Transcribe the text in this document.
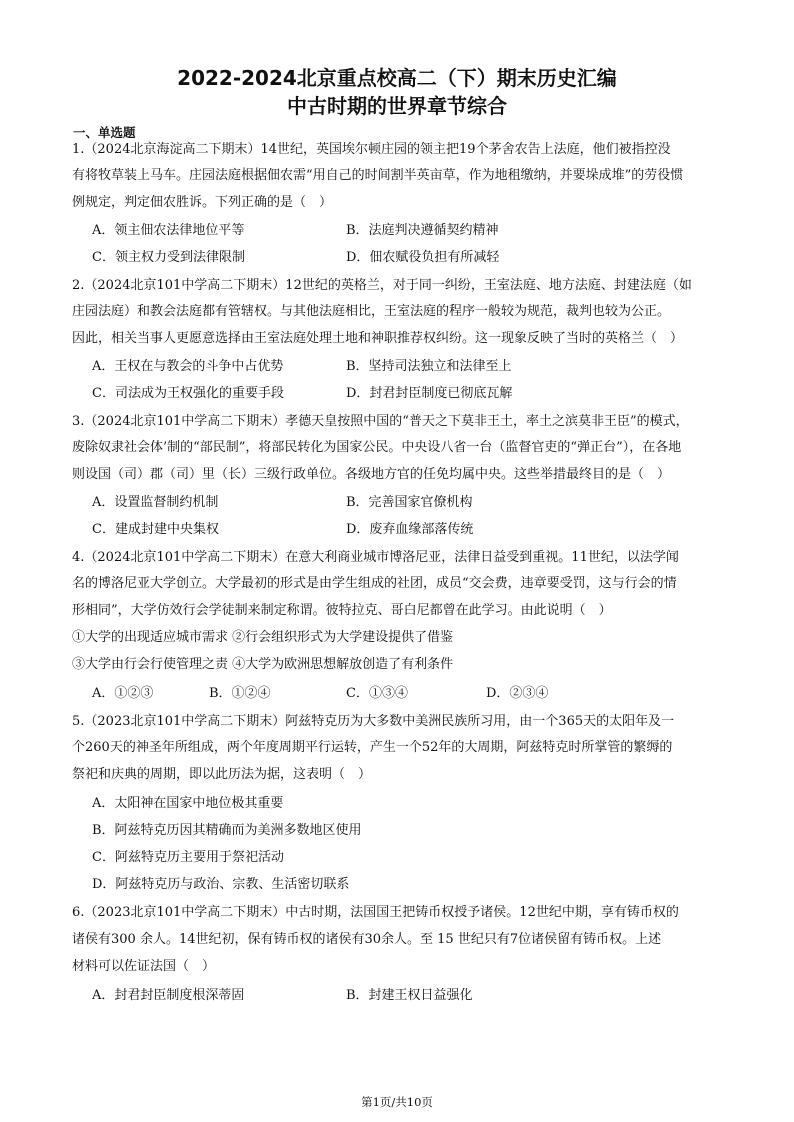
2022-2024北京重点校高二（下）期末历史汇编
中古时期的世界章节综合
一、单选题
1.（2024北京海淀高二下期末）14世纪，英国埃尔顿庄园的领主把19个茅舍农告上法庭，他们被指控没
有将牧草装上马车。庄园法庭根据佃农需“用自己的时间割半英亩草，作为地租缴纳，并要垛成堆”的劳役惯
例规定，判定佃农胜诉。下列正确的是（　）
A．领主佃农法律地位平等	B．法庭判决遵循契约精神
C．领主权力受到法律限制	D．佃农赋役负担有所减轻
2.（2024北京101中学高二下期末）12世纪的英格兰，对于同一纠纷，王室法庭、地方法庭、封建法庭（如
庄园法庭）和教会法庭都有管辖权。与其他法庭相比，王室法庭的程序一般较为规范，裁判也较为公正。
因此，相关当事人更愿意选择由王室法庭处理土地和神职推荐权纠纷。这一现象反映了当时的英格兰（　）
A．王权在与教会的斗争中占优势	B．坚持司法独立和法律至上
C．司法成为王权强化的重要手段	D．封君封臣制度已彻底瓦解
3.（2024北京101中学高二下期末）孝德天皇按照中国的“普天之下莫非王土，率土之滨莫非王臣”的模式，
废除奴隶社会体’制的“部民制”，将部民转化为国家公民。中央设八省一台（监督官吏的“弹正台”），在各地
则设国（司）郡（司）里（长）三级行政单位。各级地方官的任免均属中央。这些举措最终目的是（　）
A．设置监督制约机制	B．完善国家官僚机构
C．建成封建中央集权	D．废弃血缘部落传统
4.（2024北京101中学高二下期末）在意大利商业城市博洛尼亚，法律日益受到重视。11世纪，以法学闻
名的博洛尼亚大学创立。大学最初的形式是由学生组成的社团，成员“交会费，违章要受罚，这与行会的情
形相同”，大学仿效行会学徒制来制定称谓。彼特拉克、哥白尼都曾在此学习。由此说明（　）
①大学的出现适应城市需求 ②行会组织形式为大学建设提供了借鉴
③大学由行会行使管理之责 ④大学为欧洲思想解放创造了有利条件
A．①②③	B．①②④	C．①③④	D．②③④
5.（2023北京101中学高二下期末）阿兹特克历为大多数中美洲民族所习用，由一个365天的太阳年及一
个260天的神圣年所组成，两个年度周期平行运转，产生一个52年的大周期，阿兹特克时所掌管的繁缛的
祭祀和庆典的周期，即以此历法为据，这表明（　）
A．太阳神在国家中地位极其重要
B．阿兹特克历因其精确而为美洲多数地区使用
C．阿兹特克历主要用于祭祀活动
D．阿兹特克历与政治、宗教、生活密切联系
6.（2023北京101中学高二下期末）中古时期，法国国王把铸币权授予诸侯。12世纪中期，享有铸币权的
诸侯有300 余人。14世纪初，保有铸币权的诸侯有30余人。至 15 世纪只有7位诸侯留有铸币权。上述
材料可以佐证法国（　）
A．封君封臣制度根深蒂固	B．封建王权日益强化
第1页/共10页
